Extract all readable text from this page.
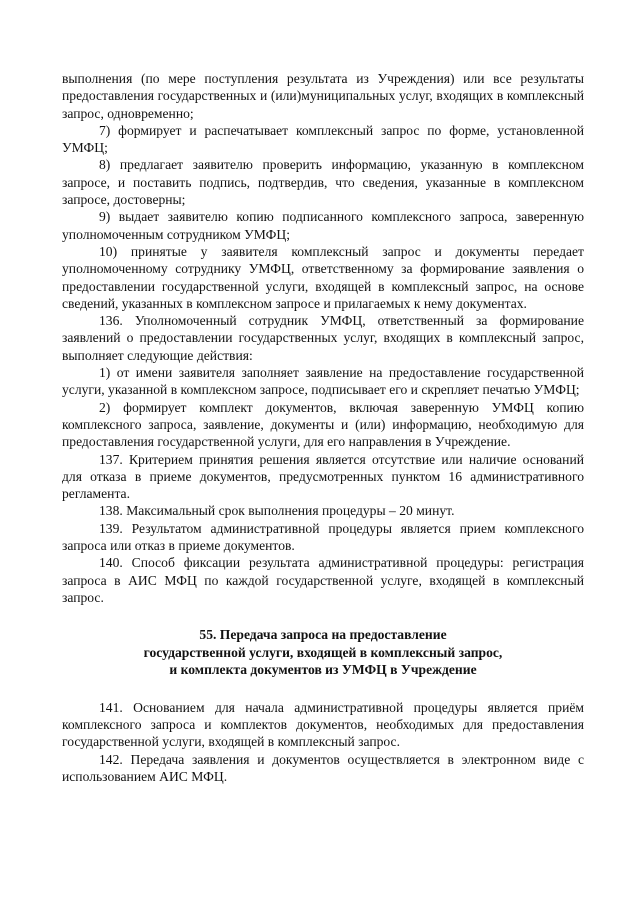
выполнения (по мере поступления результата из Учреждения) или все результаты предоставления государственных и (или)муниципальных услуг, входящих в комплексный запрос, одновременно;

7) формирует и распечатывает комплексный запрос по форме, установленной УМФЦ;

8) предлагает заявителю проверить информацию, указанную в комплексном запросе, и поставить подпись, подтвердив, что сведения, указанные в комплексном запросе, достоверны;

9) выдает заявителю копию подписанного комплексного запроса, заверенную уполномоченным сотрудником УМФЦ;

10) принятые у заявителя комплексный запрос и документы передает уполномоченному сотруднику УМФЦ, ответственному за формирование заявления о предоставлении государственной услуги, входящей в комплексный запрос, на основе сведений, указанных в комплексном запросе и прилагаемых к нему документах.

136. Уполномоченный сотрудник УМФЦ, ответственный за формирование заявлений о предоставлении государственных услуг, входящих в комплексный запрос, выполняет следующие действия:

1) от имени заявителя заполняет заявление на предоставление государственной услуги, указанной в комплексном запросе, подписывает его и скрепляет печатью УМФЦ;

2) формирует комплект документов, включая заверенную УМФЦ копию комплексного запроса, заявление, документы и (или) информацию, необходимую для предоставления государственной услуги, для его направления в Учреждение.

137. Критерием принятия решения является отсутствие или наличие оснований для отказа в приеме документов, предусмотренных пунктом 16 административного регламента.

138. Максимальный срок выполнения процедуры – 20 минут.

139. Результатом административной процедуры является прием комплексного запроса или отказ в приеме документов.

140. Способ фиксации результата административной процедуры: регистрация запроса в АИС МФЦ по каждой государственной услуге, входящей в комплексный запрос.

55. Передача запроса на предоставление
государственной услуги, входящей в комплексный запрос,
и комплекта документов из УМФЦ в Учреждение

141. Основанием для начала административной процедуры является приём комплексного запроса и комплектов документов, необходимых для предоставления государственной услуги, входящей в комплексный запрос.

142. Передача заявления и документов осуществляется в электронном виде с использованием АИС МФЦ.
